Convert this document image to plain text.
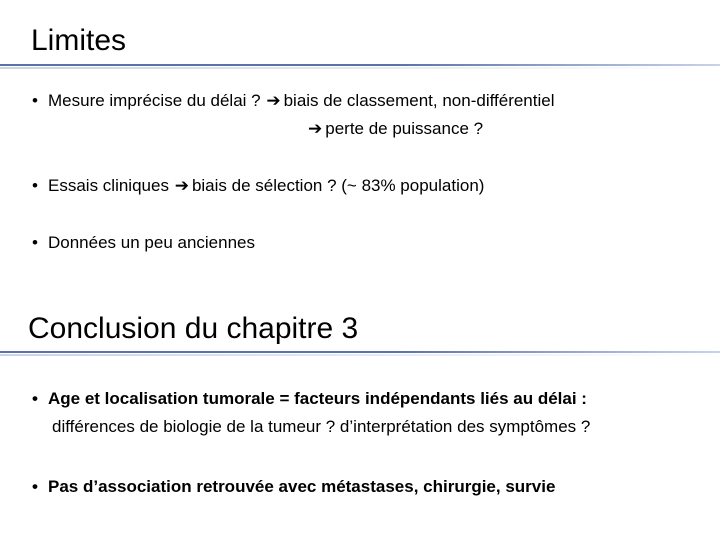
Limites
• Mesure imprécise du délai ? ➔ biais de classement, non-différentiel
➔ perte de puissance ?
• Essais cliniques ➔ biais de sélection ? (~ 83% population)
• Données un peu anciennes
Conclusion du chapitre 3
• Age et localisation tumorale = facteurs indépendants liés au délai :
différences de biologie de la tumeur ? d’interprétation des symptômes ?
• Pas d’association retrouvée avec métastases, chirurgie, survie
